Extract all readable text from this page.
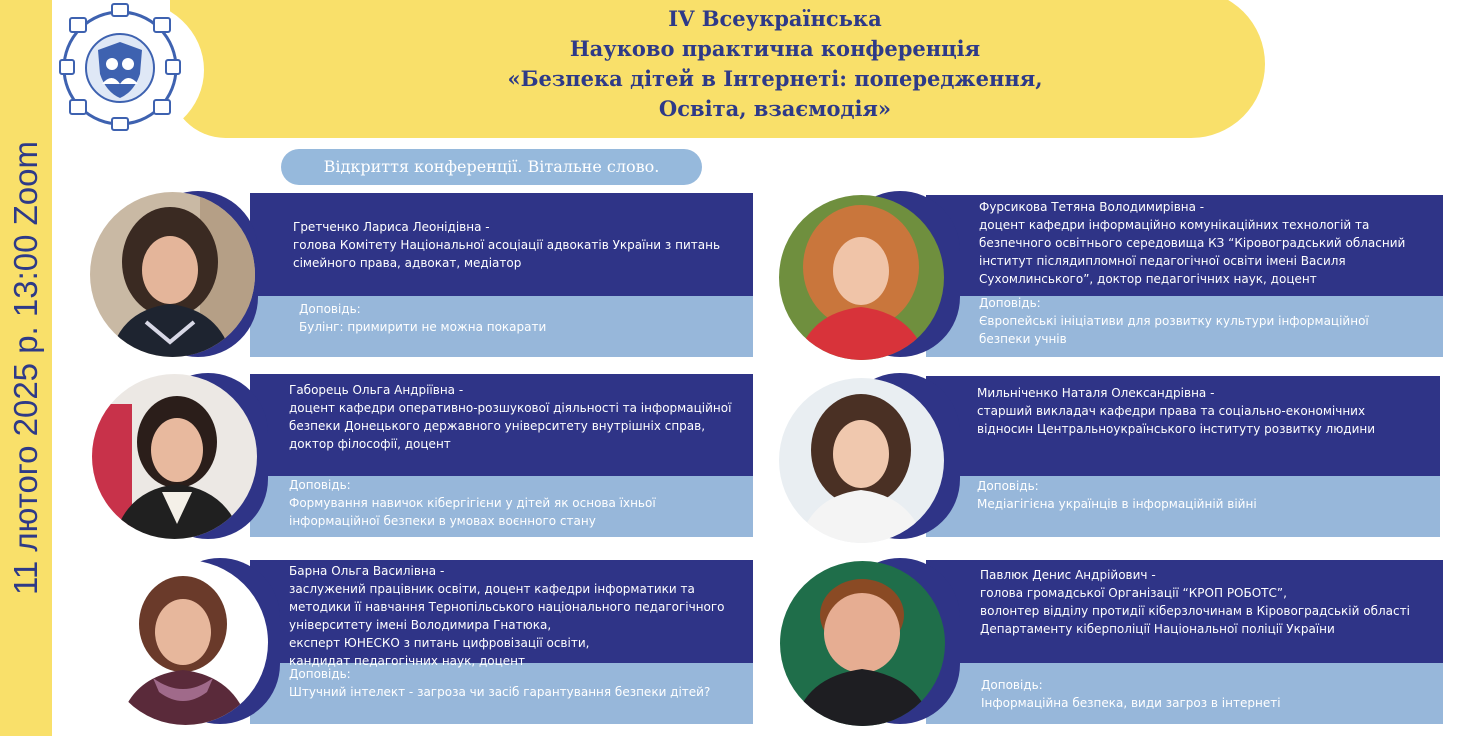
11 лютого 2025 р. 13:00 Zoom
IV Всеукраїнська
Науково практична конференція
«Безпека дітей в Інтернеті: попередження,
Освіта, взаємодія»
Відкриття конференції. Вітальне слово.
Гретченко Лариса Леонідівна -
голова Комітету Національної асоціації адвокатів України з питань
сімейного права, адвокат, медіатор
Доповідь:
Булінг: примирити не можна покарати
Фурсикова Тетяна Володимирівна -
доцент кафедри інформаційно комунікаційних технологій та
безпечного освітнього середовища КЗ “Кіровоградський обласний
інститут післядипломної педагогічної освіти імені Василя
Сухомлинського”, доктор педагогічних наук, доцент
Доповідь:
Європейські ініціативи для розвитку культури інформаційної
безпеки учнів
Габорець Ольга Андріївна -
доцент кафедри оперативно-розшукової діяльності та інформаційної
безпеки Донецького державного університету внутрішніх справ,
доктор філософії, доцент
Доповідь:
Формування навичок кібергігієни у дітей як основа їхньої
інформаційної безпеки в умовах воєнного стану
Мильніченко Наталя Олександрівна -
старший викладач кафедри права та соціально-економічних
відносин Центральноукраїнського інституту розвитку людини
Доповідь:
Медіагігієна українців в інформаційній війні
Барна Ольга Василівна -
заслужений працівник освіти, доцент кафедри інформатики та
методики її навчання Тернопільського національного педагогічного
університету імені Володимира Гнатюка,
експерт ЮНЕСКО з питань цифровізації освіти,
кандидат педагогічних наук, доцент
Доповідь:
Штучний інтелект - загроза чи засіб гарантування безпеки дітей?
Павлюк Денис Андрійович -
голова громадської Організації “КРОП РОБОТС”,
волонтер відділу протидії кіберзлочинам в Кіровоградській області
Департаменту кіберполіції Національної поліції України
Доповідь:
Інформаційна безпека, види загроз в інтернеті
